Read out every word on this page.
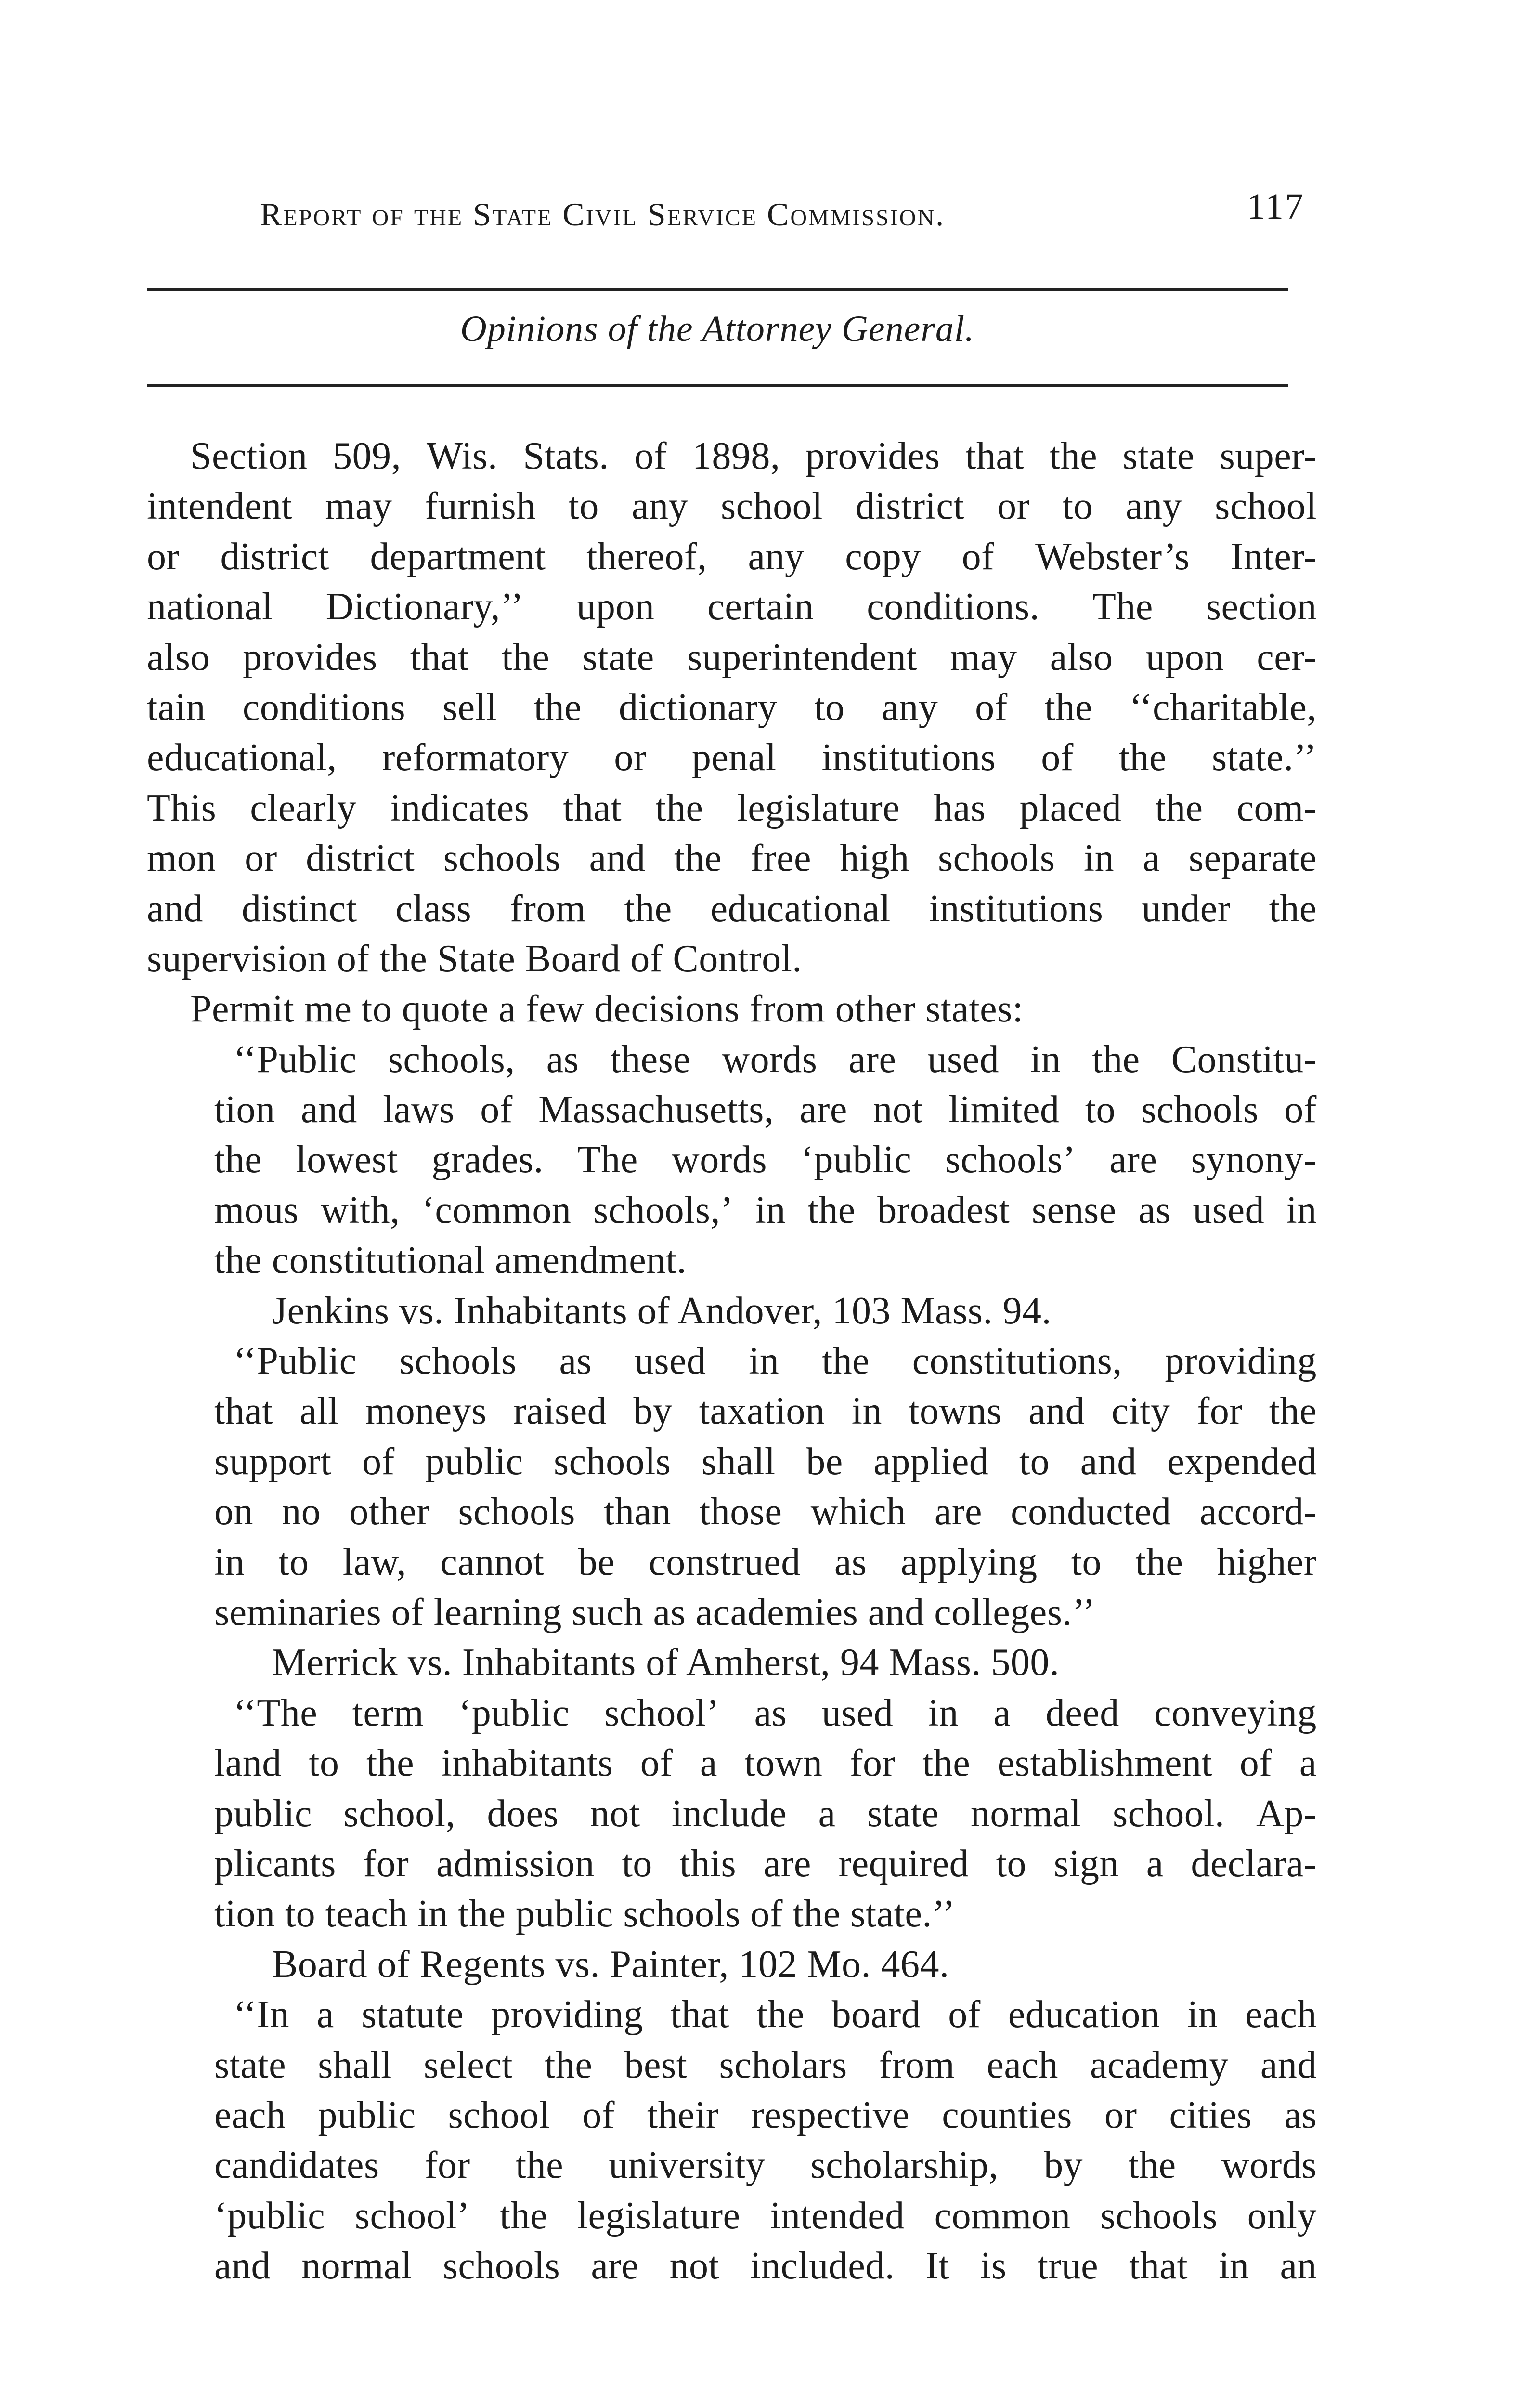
Report of the State Civil Service Commission.	117
Opinions of the Attorney General.
Section 509, Wis. Stats. of 1898, provides that the state super-
intendent may furnish to any school district or to any school
or district department thereof, any copy of Webster’s Inter-
national Dictionary,’’ upon certain conditions. The section
also provides that the state superintendent may also upon cer-
tain conditions sell the dictionary to any of the ‘‘charitable,
educational, reformatory or penal institutions of the state.’’
This clearly indicates that the legislature has placed the com-
mon or district schools and the free high schools in a separate
and distinct class from the educational institutions under the
supervision of the State Board of Control.
Permit me to quote a few decisions from other states:
‘‘Public schools, as these words are used in the Constitu-
tion and laws of Massachusetts, are not limited to schools of
the lowest grades. The words ‘public schools’ are synony-
mous with, ‘common schools,’ in the broadest sense as used in
the constitutional amendment.
Jenkins vs. Inhabitants of Andover, 103 Mass. 94.
‘‘Public schools as used in the constitutions, providing
that all moneys raised by taxation in towns and city for the
support of public schools shall be applied to and expended
on no other schools than those which are conducted accord-
in to law, cannot be construed as applying to the higher
seminaries of learning such as academies and colleges.’’
Merrick vs. Inhabitants of Amherst, 94 Mass. 500.
‘‘The term ‘public school’ as used in a deed conveying
land to the inhabitants of a town for the establishment of a
public school, does not include a state normal school. Ap-
plicants for admission to this are required to sign a declara-
tion to teach in the public schools of the state.’’
Board of Regents vs. Painter, 102 Mo. 464.
‘‘In a statute providing that the board of education in each
state shall select the best scholars from each academy and
each public school of their respective counties or cities as
candidates for the university scholarship, by the words
‘public school’ the legislature intended common schools only
and normal schools are not included. It is true that in an
